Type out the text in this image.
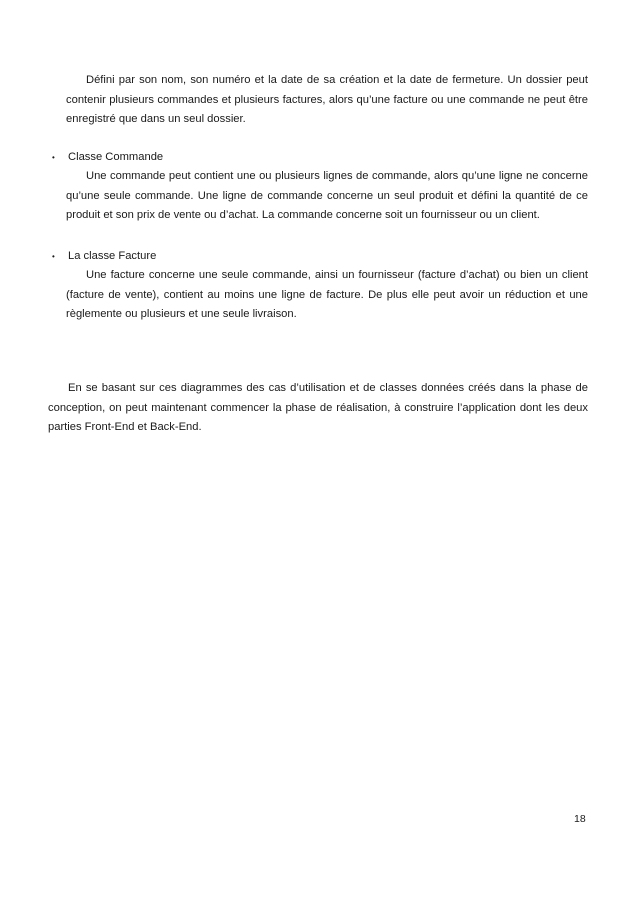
Défini par son nom, son numéro et la date de sa création et la date de fermeture. Un dossier peut contenir plusieurs commandes et plusieurs factures, alors qu’une facture ou une commande ne peut être enregistré que dans un seul dossier.

• Classe Commande

Une commande peut contient une ou plusieurs lignes de commande, alors qu’une ligne ne concerne qu’une seule commande. Une ligne de commande concerne un seul produit et défini la quantité de ce produit et son prix de vente ou d’achat. La commande concerne soit un fournisseur ou un client.

• La classe Facture

Une facture concerne une seule commande, ainsi un fournisseur (facture d’achat) ou bien un client (facture de vente), contient au moins une ligne de facture. De plus elle peut avoir un réduction et une règlemente ou plusieurs et une seule livraison.

En se basant sur ces diagrammes des cas d’utilisation et de classes données créés dans la phase de conception, on peut maintenant commencer la phase de réalisation, à construire l’application dont les deux parties Front-End et Back-End.

18
